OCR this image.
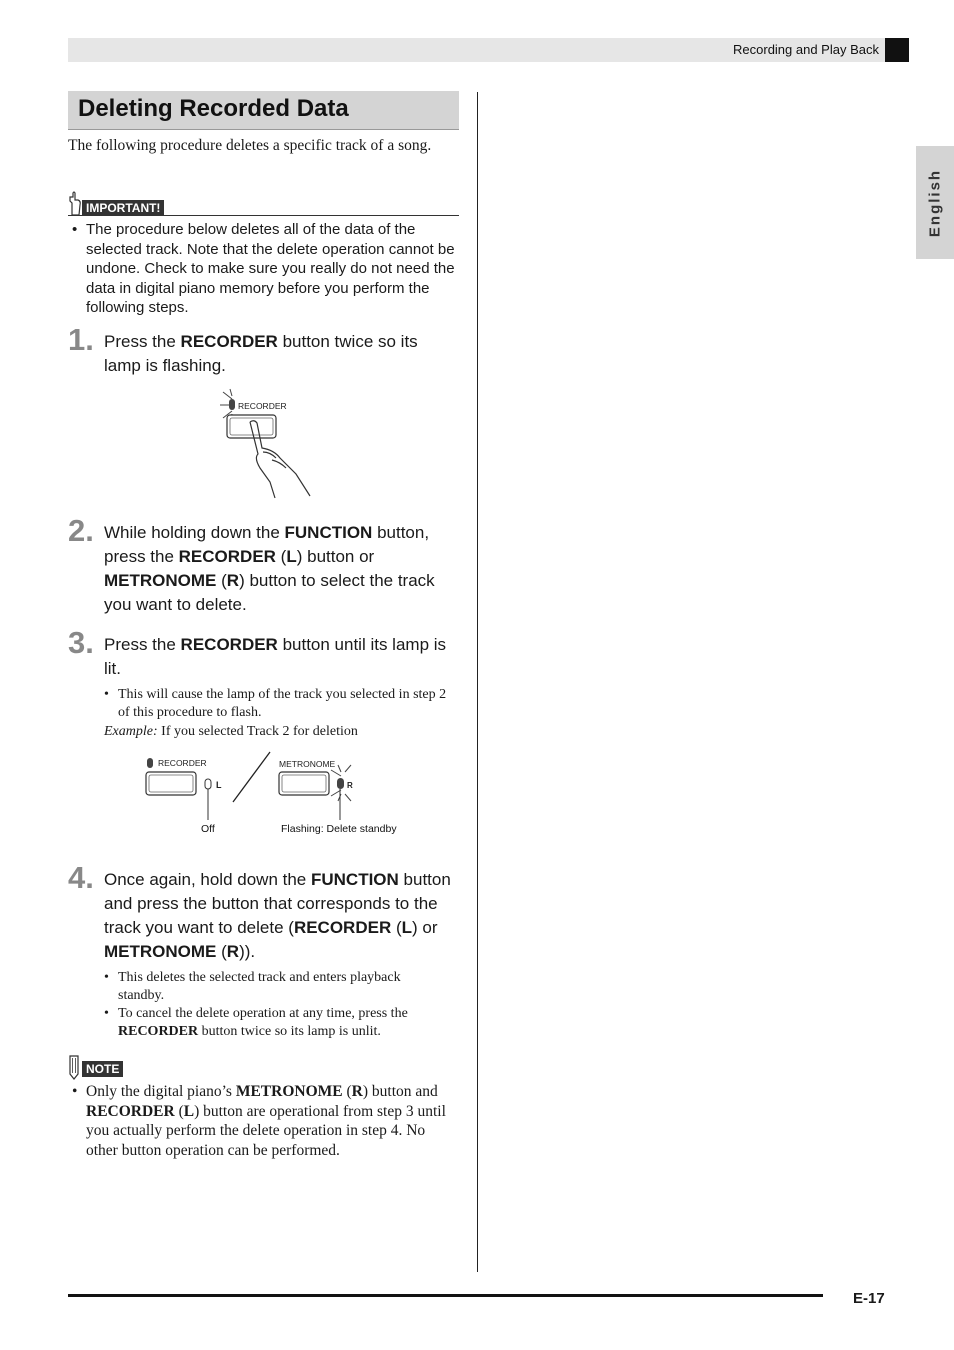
Recording and Play Back
English
Deleting Recorded Data
The following procedure deletes a specific track of a song.
IMPORTANT!
• The procedure below deletes all of the data of the selected track. Note that the delete operation cannot be undone. Check to make sure you really do not need the data in digital piano memory before you perform the following steps.
1. Press the RECORDER button twice so its lamp is flashing.
RECORDER
2. While holding down the FUNCTION button, press the RECORDER (L) button or METRONOME (R) button to select the track you want to delete.
3. Press the RECORDER button until its lamp is lit.
• This will cause the lamp of the track you selected in step 2 of this procedure to flash.
Example: If you selected Track 2 for deletion
RECORDER
L
METRONOME
R
Off	Flashing: Delete standby
4. Once again, hold down the FUNCTION button and press the button that corresponds to the track you want to delete (RECORDER (L) or METRONOME (R)).
• This deletes the selected track and enters playback standby.
• To cancel the delete operation at any time, press the RECORDER button twice so its lamp is unlit.
NOTE
• Only the digital piano’s METRONOME (R) button and RECORDER (L) button are operational from step 3 until you actually perform the delete operation in step 4. No other button operation can be performed.
E-17
